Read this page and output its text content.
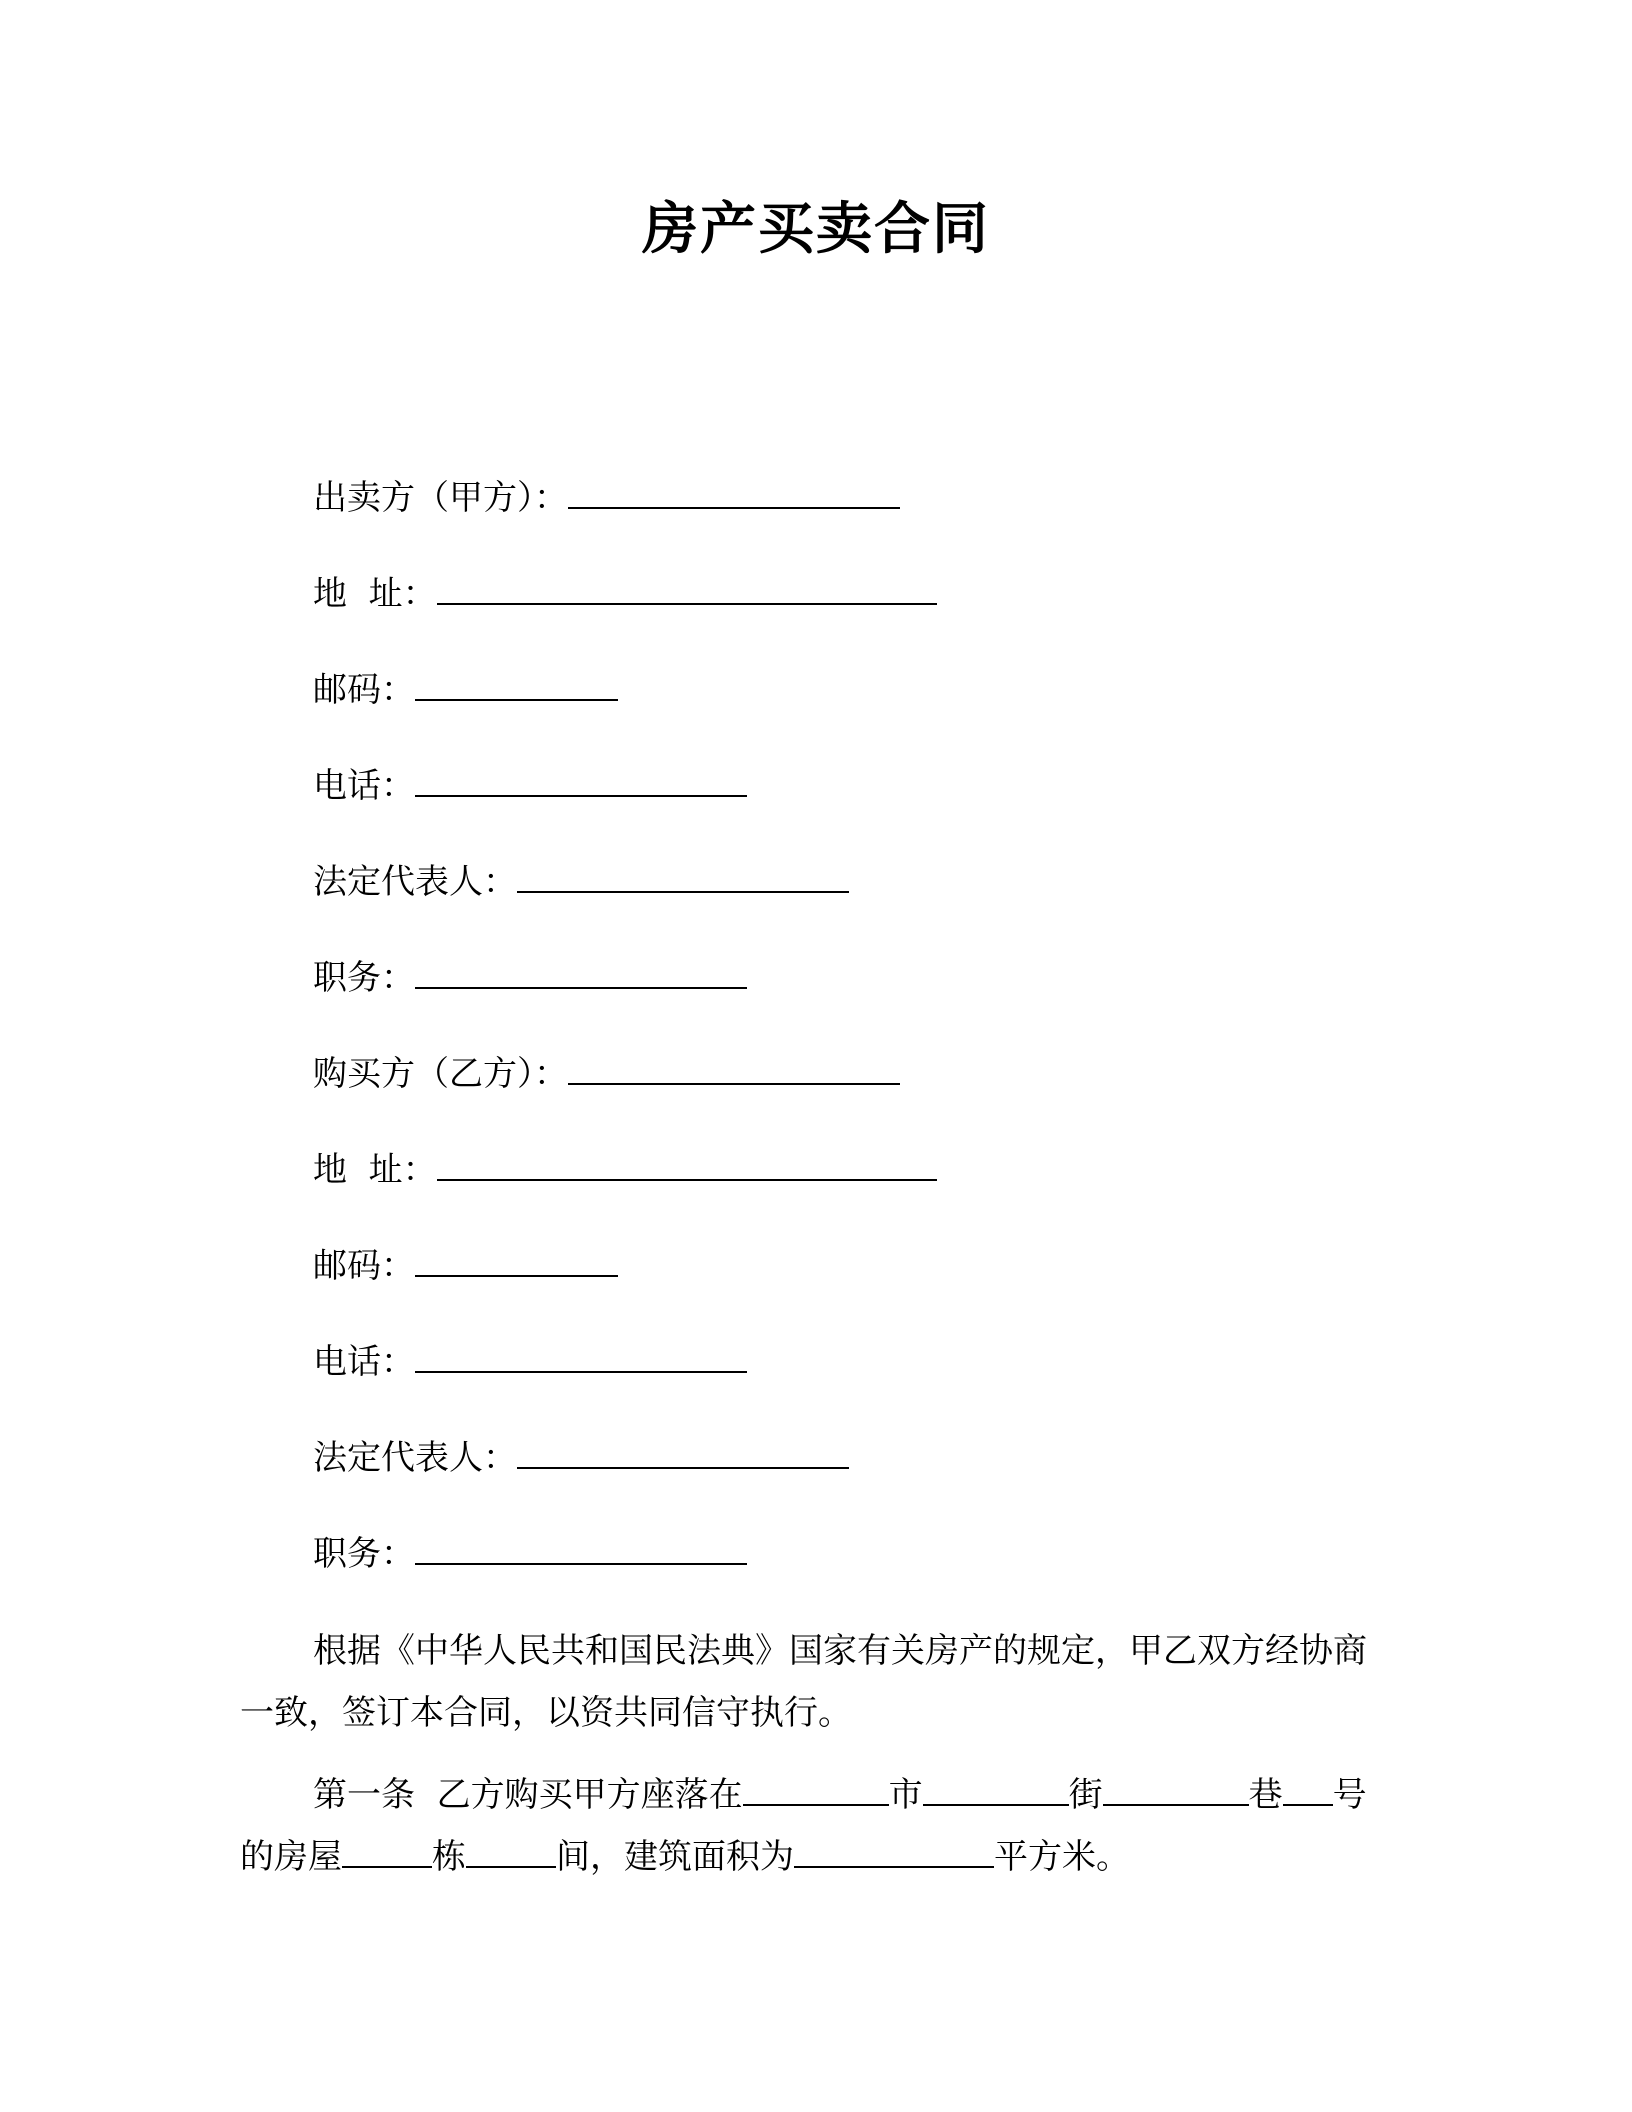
房产买卖合同
出卖方（甲方）：
地  址：
邮码：
电话：
法定代表人：
职务：
购买方（乙方）：
地  址：
邮码：
电话：
法定代表人：
职务：
根据《中华人民共和国民法典》国家有关房产的规定，甲乙双方经协商一致，签订本合同，以资共同信守执行。
第一条  乙方购买甲方座落在	市	街	巷 号的房屋	栋	间，建筑面积为	平方米。
